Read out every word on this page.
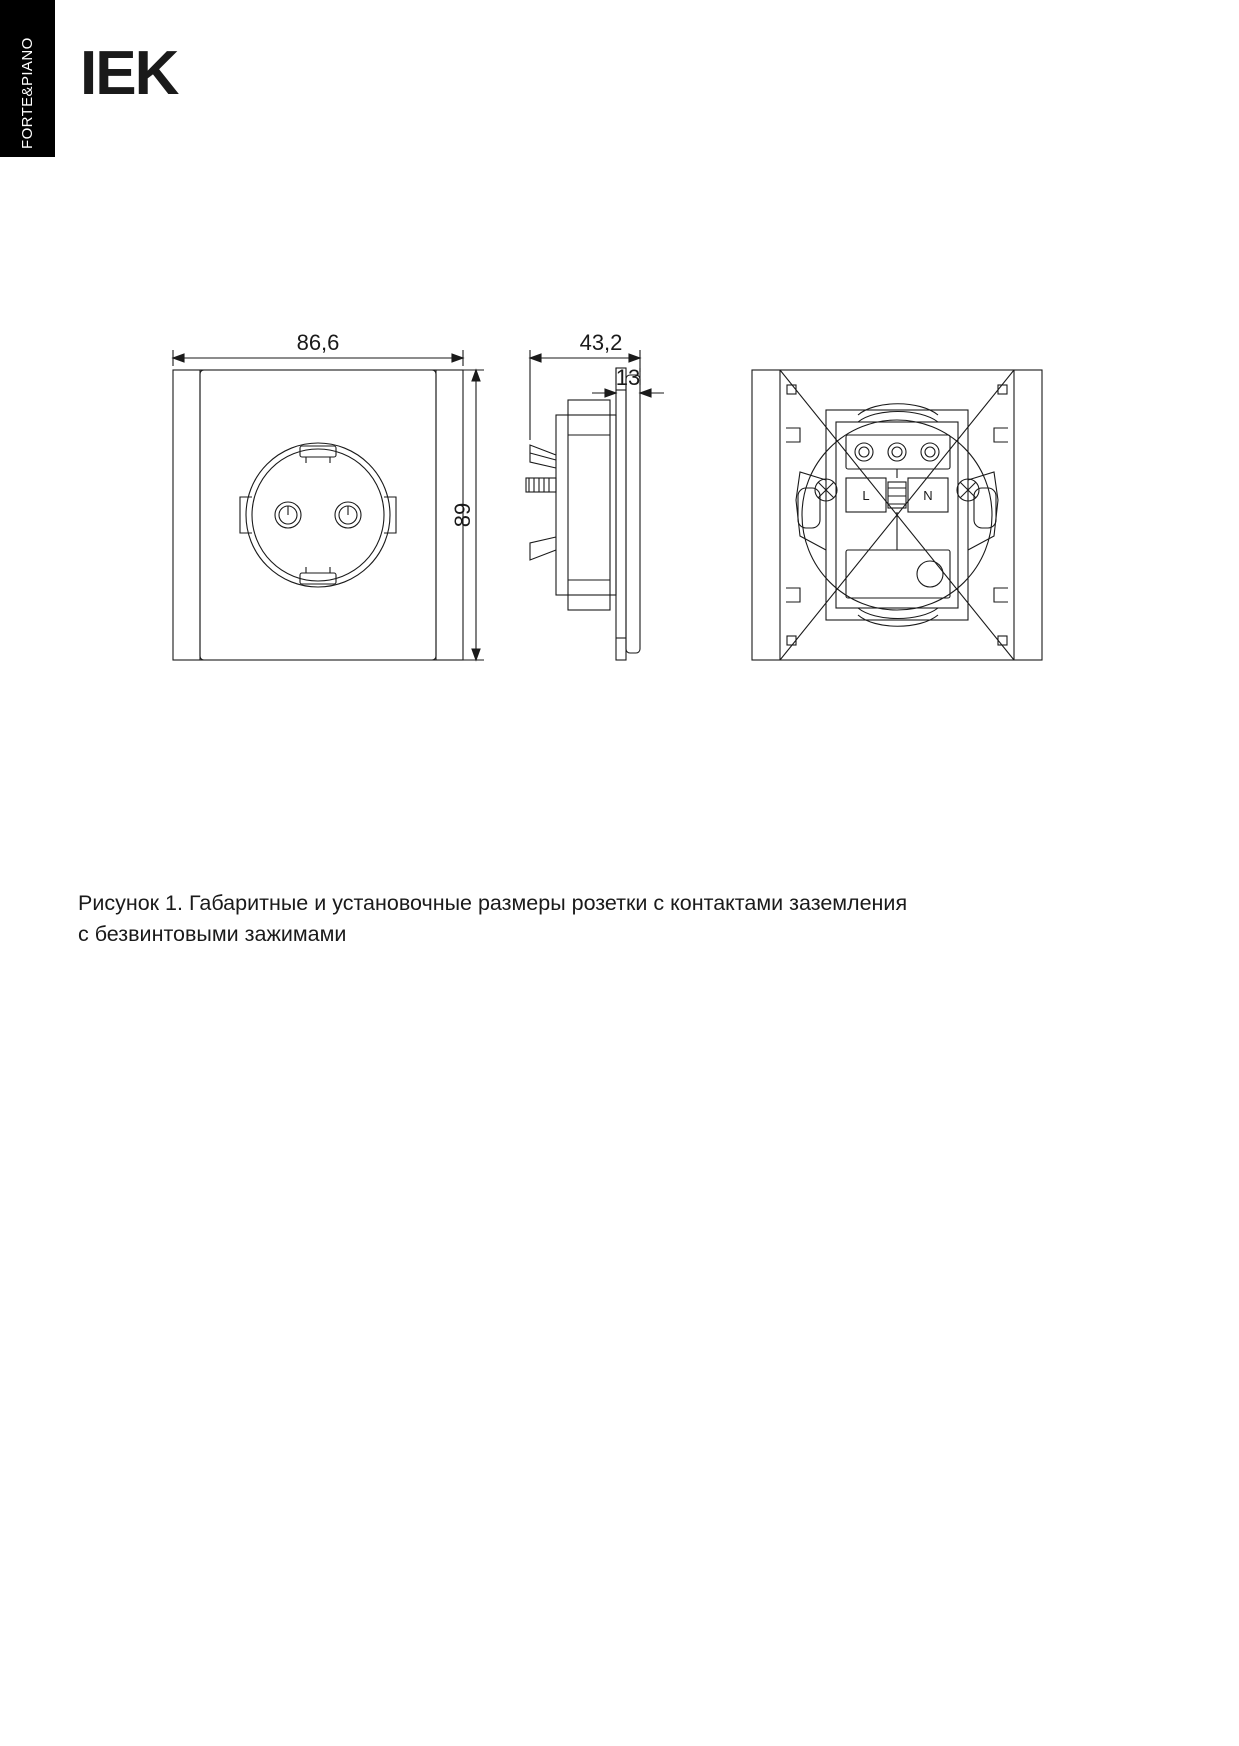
FORTE&PIANO IEK
86,6	43,2
13
89
L	N
Рисунок 1. Габаритные и установочные размеры розетки с контактами заземления
с безвинтовыми зажимами
